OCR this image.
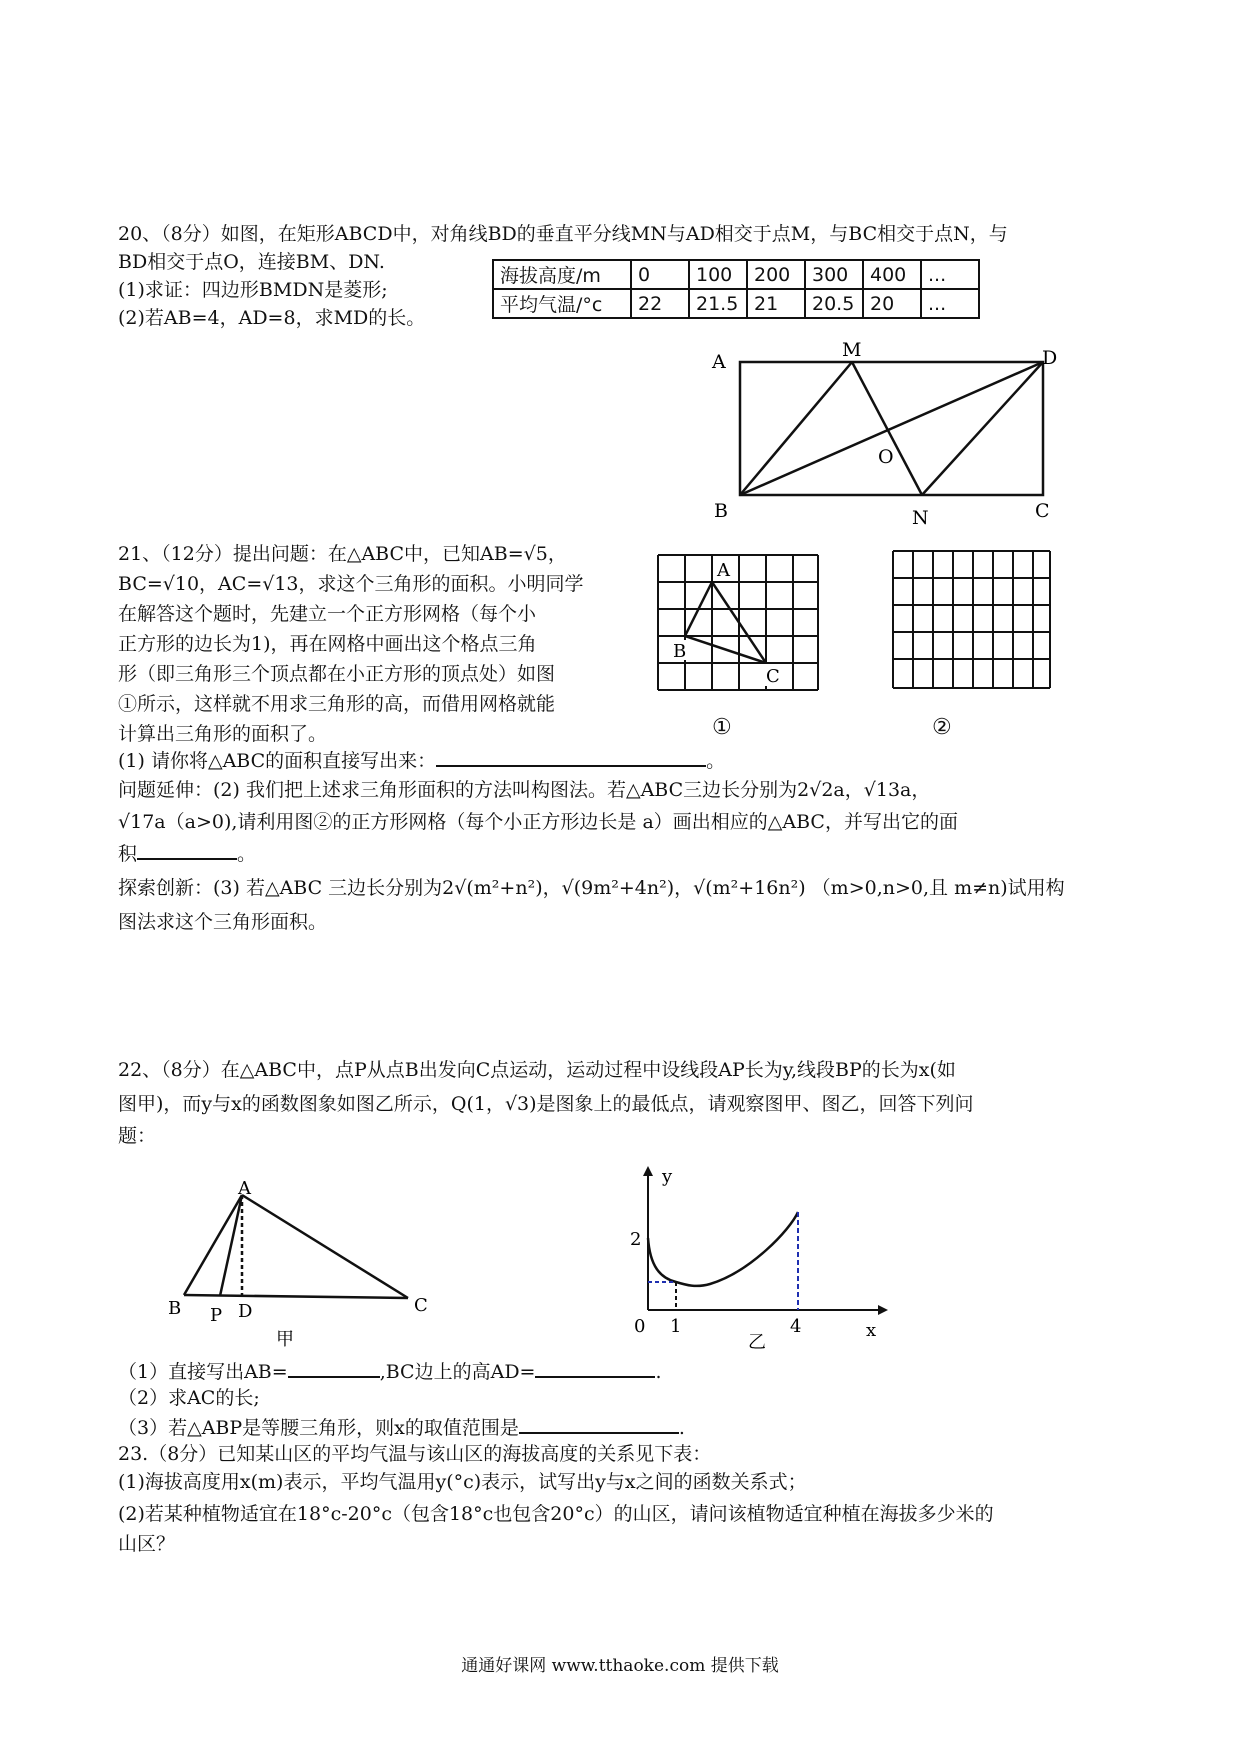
20、（8分）如图，在矩形ABCD中，对角线BD的垂直平分线MN与AD相交于点M，与BC相交于点N，与
BD相交于点O，连接BM、DN.
(1)求证：四边形BMDN是菱形;
(2)若AB=4，AD=8，求MD的长。
海拔高度/m	0	100	200	300	400	...
平均气温/°c	22	21.5	21	20.5	20	...
A
M	D
O
B	N	C
21、（12分）提出问题：在△ABC中，已知AB=√5，
BC=√10，AC=√13，求这个三角形的面积。小明同学
在解答这个题时，先建立一个正方形网格（每个小
正方形的边长为1)，再在网格中画出这个格点三角
形（即三角形三个顶点都在小正方形的顶点处）如图
①所示，这样就不用求三角形的高，而借用网格就能
计算出三角形的面积了。
A
B
C
①	②
(1) 请你将△ABC的面积直接写出来：	。
问题延伸：(2) 我们把上述求三角形面积的方法叫构图法。若△ABC三边长分别为2√2a，√13a，
√17a（a>0),请利用图②的正方形网格（每个小正方形边长是 a）画出相应的△ABC，并写出它的面
积	。
探索创新：(3) 若△ABC 三边长分别为2√(m²+n²)，√(9m²+4n²)，√(m²+16n²) （m>0,n>0,且 m≠n)试用构
图法求这个三角形面积。
22、（8分）在△ABC中，点P从点B出发向C点运动，运动过程中设线段AP长为y,线段BP的长为x(如
图甲)，而y与x的函数图象如图乙所示，Q(1，√3)是图象上的最低点，请观察图甲、图乙，回答下列问
题：
A
B P D	C
甲
y
2
0 1	4	x
乙
（1）直接写出AB=	,BC边上的高AD=	.
（2）求AC的长;
（3）若△ABP是等腰三角形，则x的取值范围是	.
23.（8分）已知某山区的平均气温与该山区的海拔高度的关系见下表：
(1)海拔高度用x(m)表示，平均气温用y(°c)表示，试写出y与x之间的函数关系式；
(2)若某种植物适宜在18°c-20°c（包含18°c也包含20°c）的山区，请问该植物适宜种植在海拔多少米的
山区？
通通好课网 www.tthaoke.com 提供下载
